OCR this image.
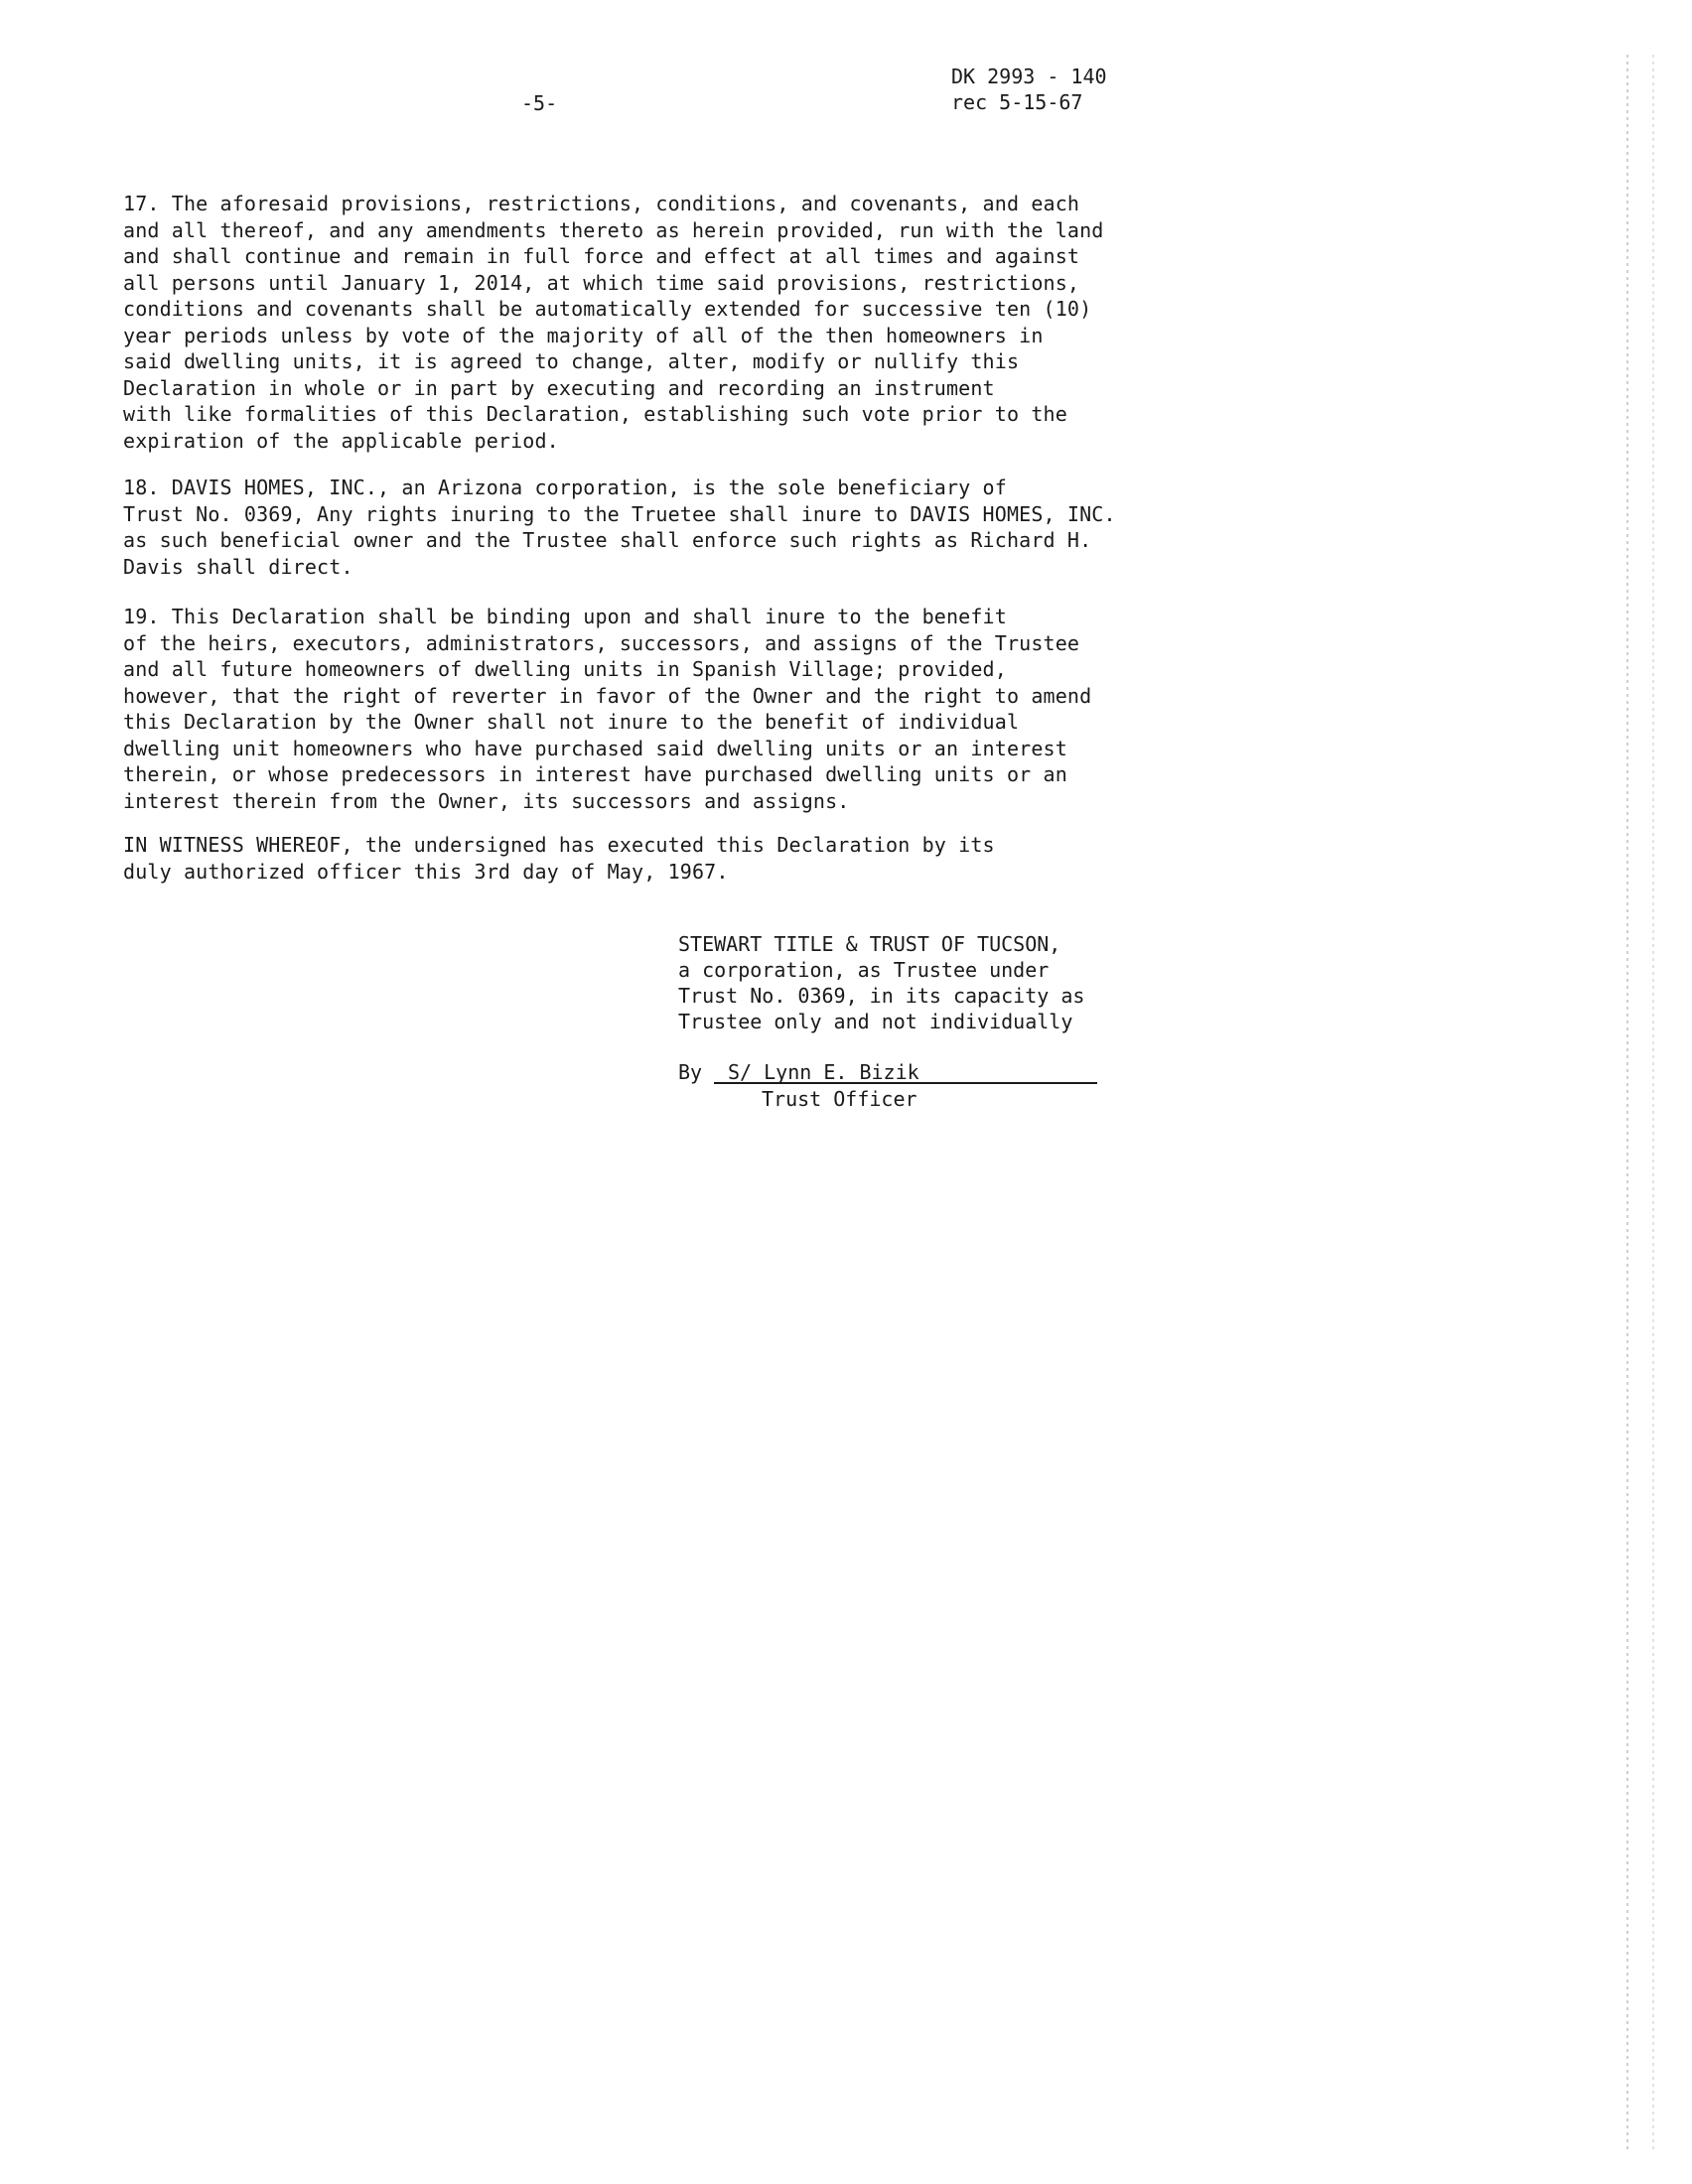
-5-
DK 2993 - 140
rec 5-15-67
17. The aforesaid provisions, restrictions, conditions, and covenants, and each
and all thereof, and any amendments thereto as herein provided, run with the land
and shall continue and remain in full force and effect at all times and against
all persons until January 1, 2014, at which time said provisions, restrictions,
conditions and covenants shall be automatically extended for successive ten (10)
year periods unless by vote of the majority of all of the then homeowners in
said dwelling units, it is agreed to change, alter, modify or nullify this
Declaration in whole or in part by executing and recording an instrument
with like formalities of this Declaration, establishing such vote prior to the
expiration of the applicable period.
18. DAVIS HOMES, INC., an Arizona corporation, is the sole beneficiary of
Trust No. 0369, Any rights inuring to the Truetee shall inure to DAVIS HOMES, INC.
as such beneficial owner and the Trustee shall enforce such rights as Richard H.
Davis shall direct.
19. This Declaration shall be binding upon and shall inure to the benefit
of the heirs, executors, administrators, successors, and assigns of the Trustee
and all future homeowners of dwelling units in Spanish Village; provided,
however, that the right of reverter in favor of the Owner and the right to amend
this Declaration by the Owner shall not inure to the benefit of individual
dwelling unit homeowners who have purchased said dwelling units or an interest
therein, or whose predecessors in interest have purchased dwelling units or an
interest therein from the Owner, its successors and assigns.
IN WITNESS WHEREOF, the undersigned has executed this Declaration by its
duly authorized officer this 3rd day of May, 1967.
STEWART TITLE & TRUST OF TUCSON,
a corporation, as Trustee under
Trust No. 0369, in its capacity as
Trustee only and not individually
By	S/ Lynn E. Bizik
Trust Officer
